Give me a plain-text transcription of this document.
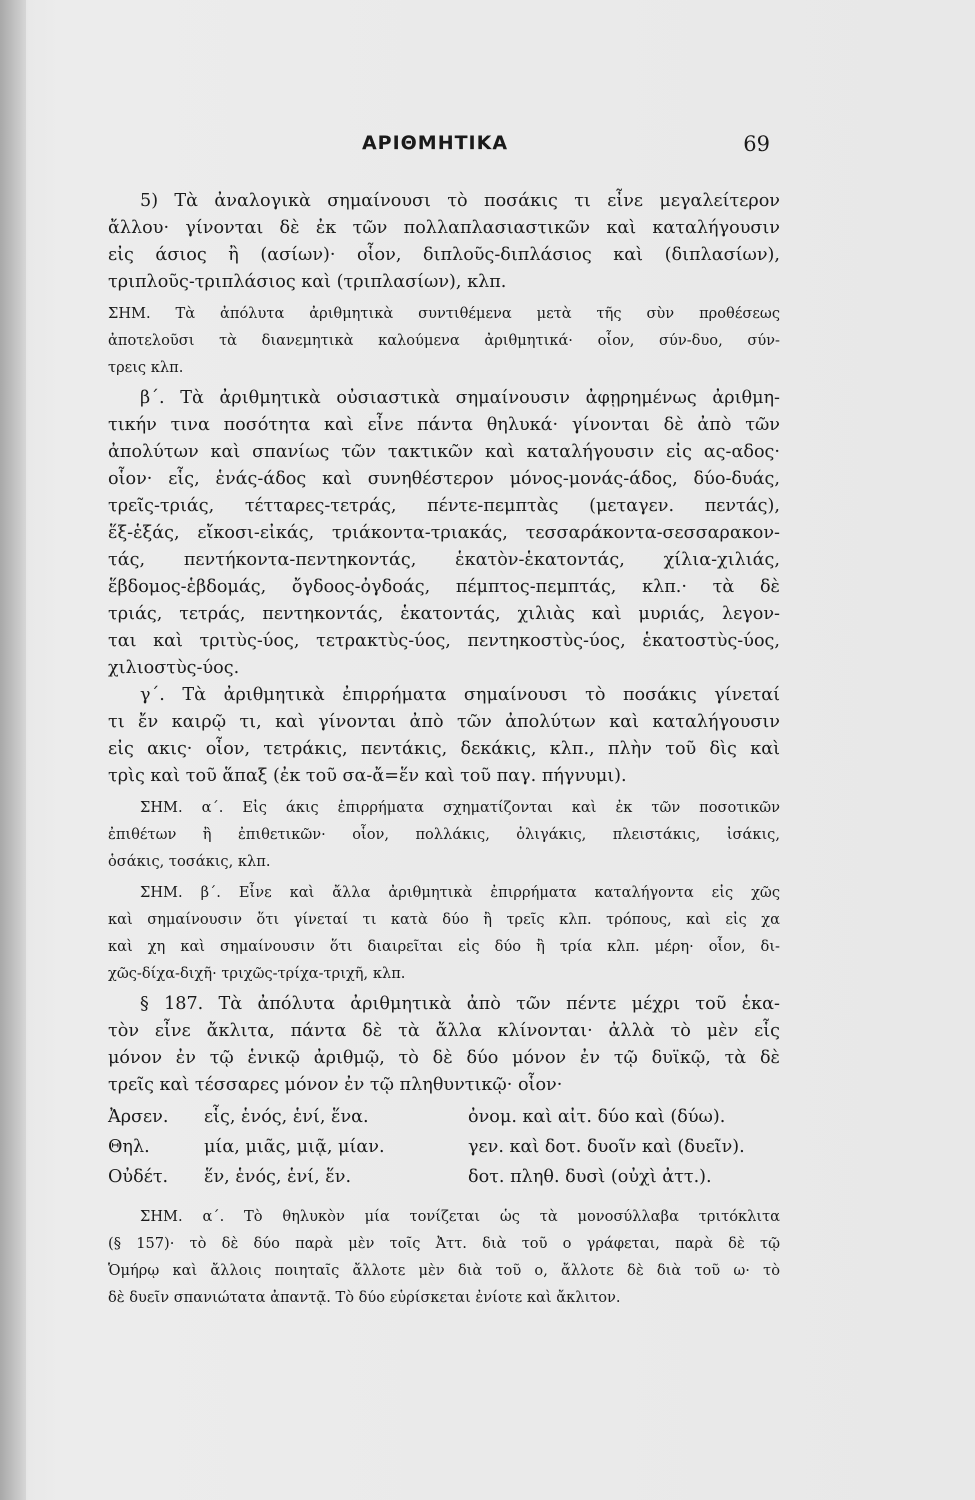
ΑΡΙΘΜΗΤΙΚΑ	69
5) Τὰ ἀναλογικὰ σημαίνουσι τὸ ποσάκις τι εἶνε μεγαλείτερον
ἄλλου· γίνονται δὲ ἐκ τῶν πολλαπλασιαστικῶν καὶ καταλήγουσιν
εἰς άσιος ἢ (ασίων)· οἷον, διπλοῦς-διπλάσιος καὶ (διπλασίων),
τριπλοῦς-τριπλάσιος καὶ (τριπλασίων), κλπ.
ΣΗΜ. Τὰ ἀπόλυτα ἀριθμητικὰ συντιθέμενα μετὰ τῆς σὺν προθέσεως
ἀποτελοῦσι τὰ διανεμητικὰ καλούμενα ἀριθμητικά· οἷον, σύν-δυο, σύν-
τρεις κλπ.
β΄. Τὰ ἀριθμητικὰ οὐσιαστικὰ σημαίνουσιν ἀφῃρημένως ἀριθμη-
τικήν τινα ποσότητα καὶ εἶνε πάντα θηλυκά· γίνονται δὲ ἀπὸ τῶν
ἀπολύτων καὶ σπανίως τῶν τακτικῶν καὶ καταλήγουσιν εἰς ας-αδος·
οἷον· εἷς, ἑνάς-άδος καὶ συνηθέστερον μόνος-μονάς-άδος, δύο-δυάς,
τρεῖς-τριάς, τέτταρες-τετράς, πέντε-πεμπτὰς (μεταγεν. πεντάς),
ἕξ-ἑξάς, εἴκοσι-εἰκάς, τριάκοντα-τριακάς, τεσσαράκοντα-σεσσαρακον-
τάς, πεντήκοντα-πεντηκοντάς, ἑκατὸν-ἑκατοντάς, χίλια-χιλιάς,
ἕβδομος-ἑβδομάς, ὄγδοος-ὀγδοάς, πέμπτος-πεμπτάς, κλπ.· τὰ δὲ
τριάς, τετράς, πεντηκοντάς, ἑκατοντάς, χιλιὰς καὶ μυριάς, λεγον-
ται καὶ τριτὺς-ύος, τετρακτὺς-ύος, πεντηκοστὺς-ύος, ἑκατοστὺς-ύος,
χιλιοστὺς-ύος.
γ΄. Τὰ ἀριθμητικὰ ἐπιρρήματα σημαίνουσι τὸ ποσάκις γίνεταί
τι ἔν καιρῷ τι, καὶ γίνονται ἀπὸ τῶν ἀπολύτων καὶ καταλήγουσιν
εἰς ακις· οἷον, τετράκις, πεντάκις, δεκάκις, κλπ., πλὴν τοῦ δὶς καὶ
τρὶς καὶ τοῦ ἅπαξ (ἐκ τοῦ σα-ἄ=ἕν καὶ τοῦ παγ. πήγνυμι).
ΣΗΜ. α΄. Εἰς άκις ἐπιρρήματα σχηματίζονται καὶ ἐκ τῶν ποσοτικῶν
ἐπιθέτων ἢ ἐπιθετικῶν· οἷον, πολλάκις, ὀλιγάκις, πλειστάκις, ἰσάκις,
ὁσάκις, τοσάκις, κλπ.
ΣΗΜ. β΄. Εἶνε καὶ ἄλλα ἀριθμητικὰ ἐπιρρήματα καταλήγοντα εἰς χῶς
καὶ σημαίνουσιν ὅτι γίνεταί τι κατὰ δύο ἢ τρεῖς κλπ. τρόπους, καὶ εἰς χα
καὶ χη καὶ σημαίνουσιν ὅτι διαιρεῖται εἰς δύο ἢ τρία κλπ. μέρη· οἷον, δι-
χῶς-δίχα-διχῆ· τριχῶς-τρίχα-τριχῆ, κλπ.
§ 187. Τὰ ἀπόλυτα ἀριθμητικὰ ἀπὸ τῶν πέντε μέχρι τοῦ ἑκα-
τὸν εἶνε ἄκλιτα, πάντα δὲ τὰ ἄλλα κλίνονται· ἀλλὰ τὸ μὲν εἷς
μόνον ἐν τῷ ἑνικῷ ἀριθμῷ, τὸ δὲ δύο μόνον ἐν τῷ δυϊκῷ, τὰ δὲ
τρεῖς καὶ τέσσαρες μόνον ἐν τῷ πληθυντικῷ· οἷον·
Ἀρσεν. εἷς, ἑνός, ἑνί, ἕνα.	ὀνομ. καὶ αἰτ. δύο καὶ (δύω).
Θηλ.	μία, μιᾶς, μιᾷ, μίαν.	γεν. καὶ δοτ. δυοῖν καὶ (δυεῖν).
Οὐδέτ. ἕν, ἑνός, ἑνί, ἕν.	δοτ. πληθ. δυσὶ (οὐχὶ ἀττ.).
ΣΗΜ. α΄. Τὸ θηλυκὸν μία τονίζεται ὡς τὰ μονοσύλλαβα τριτόκλιτα
(§ 157)· τὸ δὲ δύο παρὰ μὲν τοῖς Ἀττ. διὰ τοῦ ο γράφεται, παρὰ δὲ τῷ
Ὁμήρῳ καὶ ἄλλοις ποιηταῖς ἄλλοτε μὲν διὰ τοῦ ο, ἄλλοτε δὲ διὰ τοῦ ω· τὸ
δὲ δυεῖν σπανιώτατα ἀπαντᾷ. Τὸ δύο εὑρίσκεται ἐνίοτε καὶ ἄκλιτον.
